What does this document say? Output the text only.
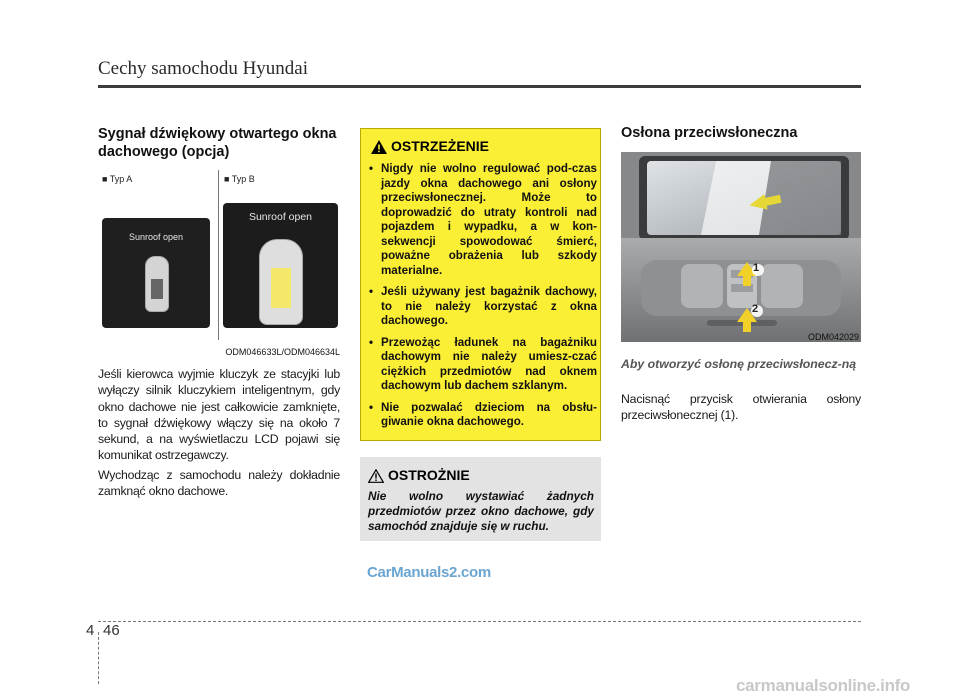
Cechy samochodu Hyundai
Sygnał dźwiękowy otwartego okna dachowego (opcja)
■ Typ A	■ Typ B
Sunroof open
Sunroof open
ODM046633L/ODM046634L

Jeśli kierowca wyjmie kluczyk ze stacyjki lub wyłączy silnik kluczykiem inteligentnym, gdy okno dachowe nie jest całkowicie zamknięte, to sygnał dźwiękowy włączy się na około 7 sekund, a na wyświetlaczu LCD pojawi się komunikat ostrzegawczy.

Wychodząc z samochodu należy dokładnie zamknąć okno dachowe.

OSTRZEŻENIE
• Nigdy nie wolno regulować pod-czas jazdy okna dachowego ani osłony przeciwsłonecznej. Może to doprowadzić do utraty kontroli nad pojazdem i wypadku, a w kon-sekwencji spowodować śmierć, poważne obrażenia lub szkody materialne.
• Jeśli używany jest bagażnik dachowy, to nie należy korzystać z okna dachowego.
• Przewożąc ładunek na bagażniku dachowym nie należy umiesz-czać ciężkich przedmiotów nad oknem dachowym lub dachem szklanym.
• Nie pozwalać dzieciom na obsłu-giwanie okna dachowego.
OSTROŻNIE
Nie wolno wystawiać żadnych przedmiotów przez okno dachowe, gdy samochód znajduje się w ruchu.
Osłona przeciwsłoneczna
1
2
ODM042029
Aby otworzyć osłonę przeciwsłonecz-ną
Nacisnąć przycisk otwierania osłony przeciwsłonecznej (1).
CarManuals2.com
carmanualsonline.info
4 46
